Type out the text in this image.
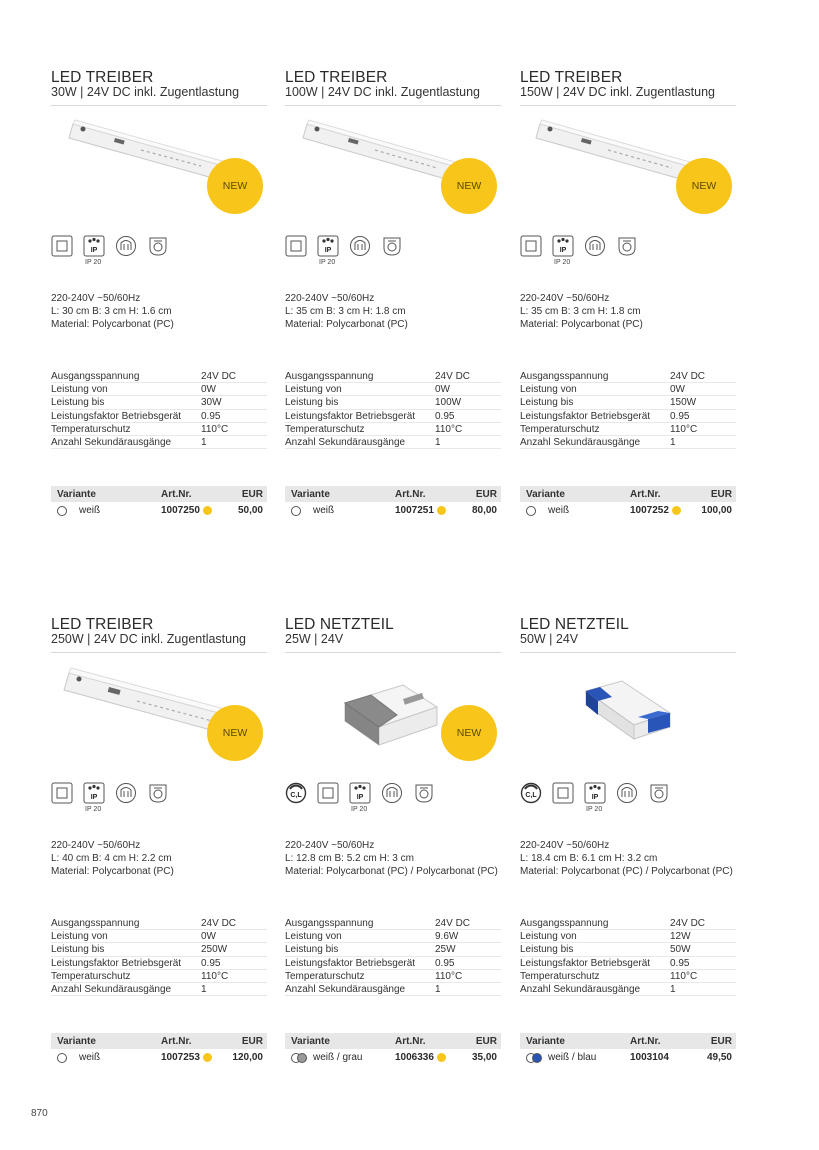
LED TREIBER
30W | 24V DC inkl. Zugentlastung
NEW
IP
IP 20
220-240V ~50/60Hz
L: 30 cm B: 3 cm H: 1.6 cm
Material: Polycarbonat (PC)
Ausgangsspannung	24V DC
Leistung von	0W
Leistung bis	30W
Leistungsfaktor Betriebsgerät	0.95
Temperaturschutz	110°C
Anzahl Sekundärausgänge	1
Variante	Art.Nr.	EUR
weiß	1007250	50,00
LED TREIBER
100W | 24V DC inkl. Zugentlastung
NEW
IP
IP 20
220-240V ~50/60Hz
L: 35 cm B: 3 cm H: 1.8 cm
Material: Polycarbonat (PC)
Ausgangsspannung	24V DC
Leistung von	0W
Leistung bis	100W
Leistungsfaktor Betriebsgerät	0.95
Temperaturschutz	110°C
Anzahl Sekundärausgänge	1
Variante	Art.Nr.	EUR
weiß	1007251	80,00
LED TREIBER
150W | 24V DC inkl. Zugentlastung
NEW
IP
IP 20
220-240V ~50/60Hz
L: 35 cm B: 3 cm H: 1.8 cm
Material: Polycarbonat (PC)
Ausgangsspannung	24V DC
Leistung von	0W
Leistung bis	150W
Leistungsfaktor Betriebsgerät	0.95
Temperaturschutz	110°C
Anzahl Sekundärausgänge	1
Variante	Art.Nr.	EUR
weiß	1007252	100,00
LED TREIBER
250W | 24V DC inkl. Zugentlastung
NEW
IP
IP 20
220-240V ~50/60Hz
L: 40 cm B: 4 cm H: 2.2 cm
Material: Polycarbonat (PC)
Ausgangsspannung	24V DC
Leistung von	0W
Leistung bis	250W
Leistungsfaktor Betriebsgerät	0.95
Temperaturschutz	110°C
Anzahl Sekundärausgänge	1
Variante	Art.Nr.	EUR
weiß	1007253	120,00
LED NETZTEIL
25W | 24V
NEW
C,L	IP
IP 20
220-240V ~50/60Hz
L: 12.8 cm B: 5.2 cm H: 3 cm
Material: Polycarbonat (PC) / Polycarbonat (PC)
Ausgangsspannung	24V DC
Leistung von	9.6W
Leistung bis	25W
Leistungsfaktor Betriebsgerät	0.95
Temperaturschutz	110°C
Anzahl Sekundärausgänge	1
Variante	Art.Nr.	EUR
weiß / grau	1006336	35,00
LED NETZTEIL
50W | 24V
C,L	IP
IP 20
220-240V ~50/60Hz
L: 18.4 cm B: 6.1 cm H: 3.2 cm
Material: Polycarbonat (PC) / Polycarbonat (PC)
Ausgangsspannung	24V DC
Leistung von	12W
Leistung bis	50W
Leistungsfaktor Betriebsgerät	0.95
Temperaturschutz	110°C
Anzahl Sekundärausgänge	1
Variante	Art.Nr.	EUR
weiß / blau	1003104	49,50
870
